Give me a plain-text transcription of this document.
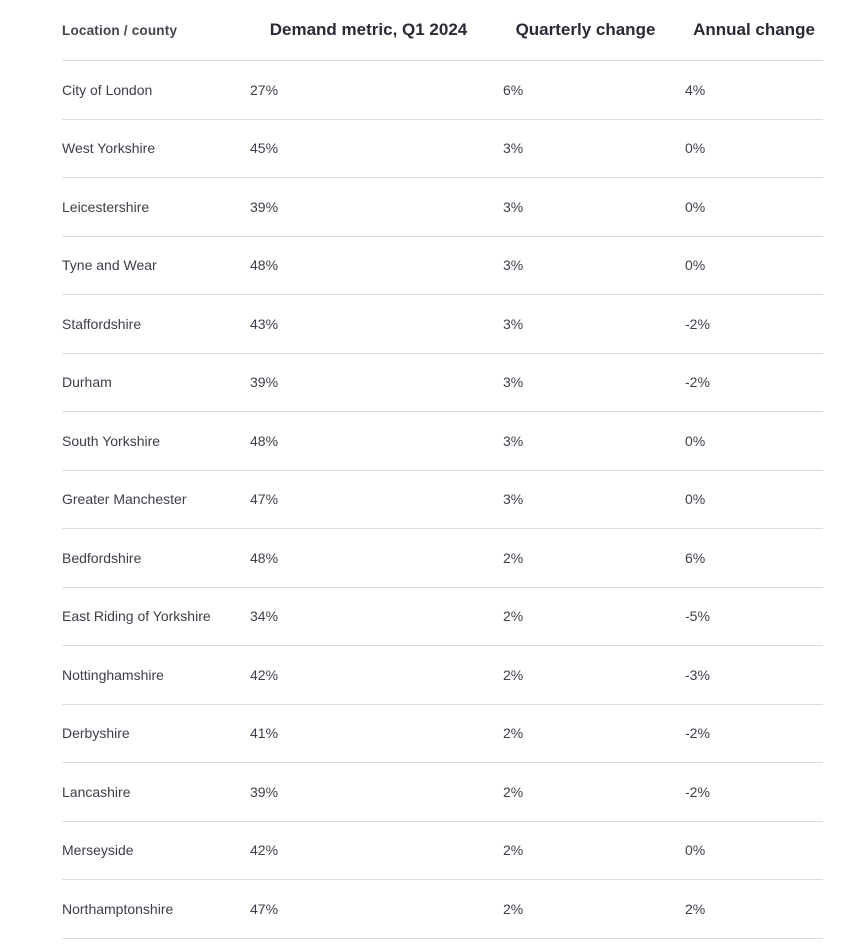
Location / county	Demand metric, Q1 2024	Quarterly change	Annual change
City of London	27%	6%	4%
West Yorkshire	45%	3%	0%
Leicestershire	39%	3%	0%
Tyne and Wear	48%	3%	0%
Staffordshire	43%	3%	-2%
Durham	39%	3%	-2%
South Yorkshire	48%	3%	0%
Greater Manchester	47%	3%	0%
Bedfordshire	48%	2%	6%
East Riding of Yorkshire	34%	2%	-5%
Nottinghamshire	42%	2%	-3%
Derbyshire	41%	2%	-2%
Lancashire	39%	2%	-2%
Merseyside	42%	2%	0%
Northamptonshire	47%	2%	2%
